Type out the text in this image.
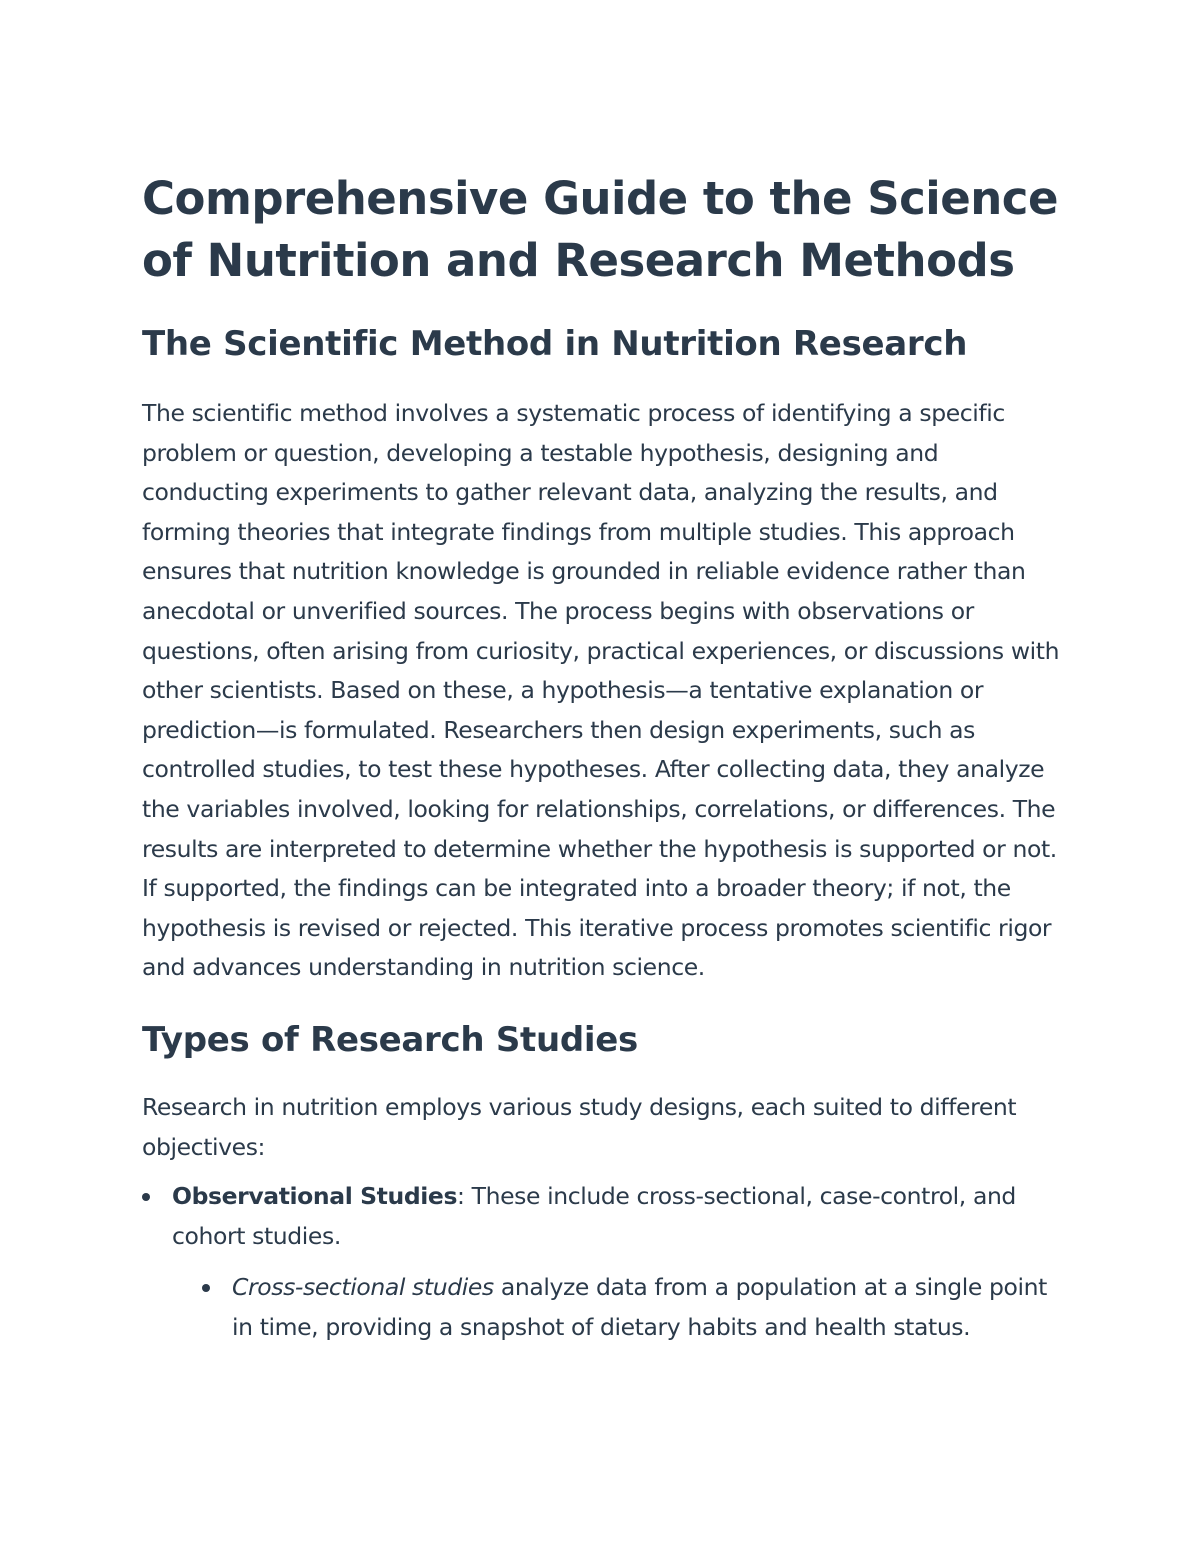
Comprehensive Guide to the Science of Nutrition and Research Methods
The Scientific Method in Nutrition Research

The scientific method involves a systematic process of identifying a specific problem or question, developing a testable hypothesis, designing and conducting experiments to gather relevant data, analyzing the results, and forming theories that integrate findings from multiple studies. This approach ensures that nutrition knowledge is grounded in reliable evidence rather than anecdotal or unverified sources. The process begins with observations or questions, often arising from curiosity, practical experiences, or discussions with other scientists. Based on these, a hypothesis—a tentative explanation or prediction—is formulated. Researchers then design experiments, such as controlled studies, to test these hypotheses. After collecting data, they analyze the variables involved, looking for relationships, correlations, or differences. The results are interpreted to determine whether the hypothesis is supported or not. If supported, the findings can be integrated into a broader theory; if not, the hypothesis is revised or rejected. This iterative process promotes scientific rigor and advances understanding in nutrition science.

Types of Research Studies

Research in nutrition employs various study designs, each suited to different objectives:

Observational Studies: These include cross-sectional, case-control, and cohort studies.
Cross-sectional studies analyze data from a population at a single point in time, providing a snapshot of dietary habits and health status.
